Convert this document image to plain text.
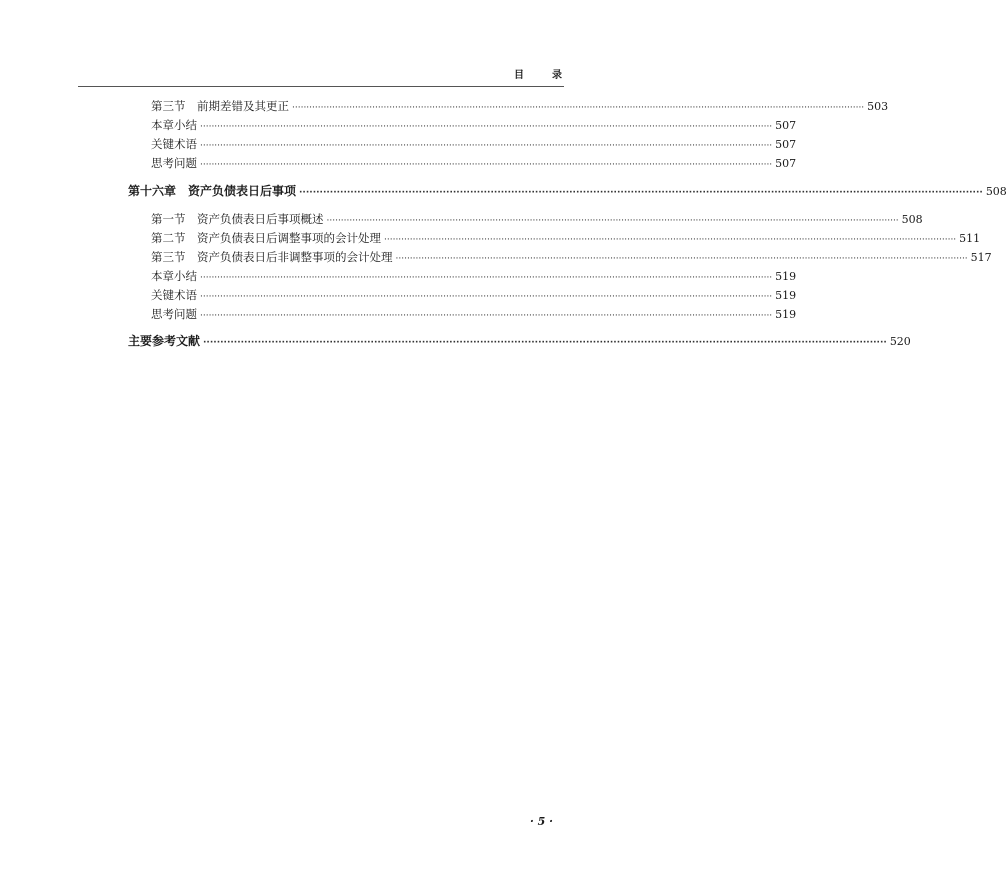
目	录
第三节　前期差错及其更正 ········································································································································································································ 503
本章小结 ········································································································································································································ 507
关键术语 ········································································································································································································ 507
思考问题 ········································································································································································································ 507
第十六章　资产负债表日后事项 ········································································································································································································ 508
第一节　资产负债表日后事项概述 ········································································································································································································ 508
第二节　资产负债表日后调整事项的会计处理 ········································································································································································································ 511
第三节　资产负债表日后非调整事项的会计处理 ········································································································································································································ 517
本章小结 ········································································································································································································ 519
关键术语 ········································································································································································································ 519
思考问题 ········································································································································································································ 519
主要参考文献 ········································································································································································································ 520
· 5 ·
